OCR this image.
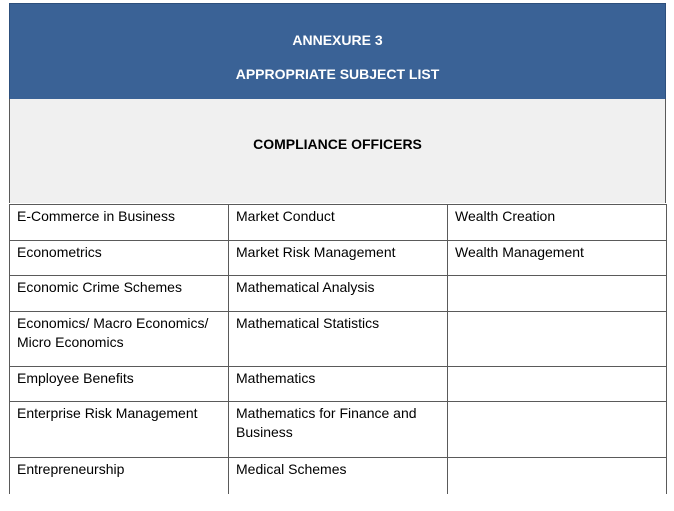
ANNEXURE 3
APPROPRIATE SUBJECT LIST
COMPLIANCE OFFICERS
E-Commerce in Business	Market Conduct	Wealth Creation
Econometrics	Market Risk Management	Wealth Management
Economic Crime Schemes	Mathematical Analysis	
Economics/ Macro Economics/ Micro Economics	Mathematical Statistics	
Employee Benefits	Mathematics	
Enterprise Risk Management	Mathematics for Finance and Business	
Entrepreneurship	Medical Schemes	
